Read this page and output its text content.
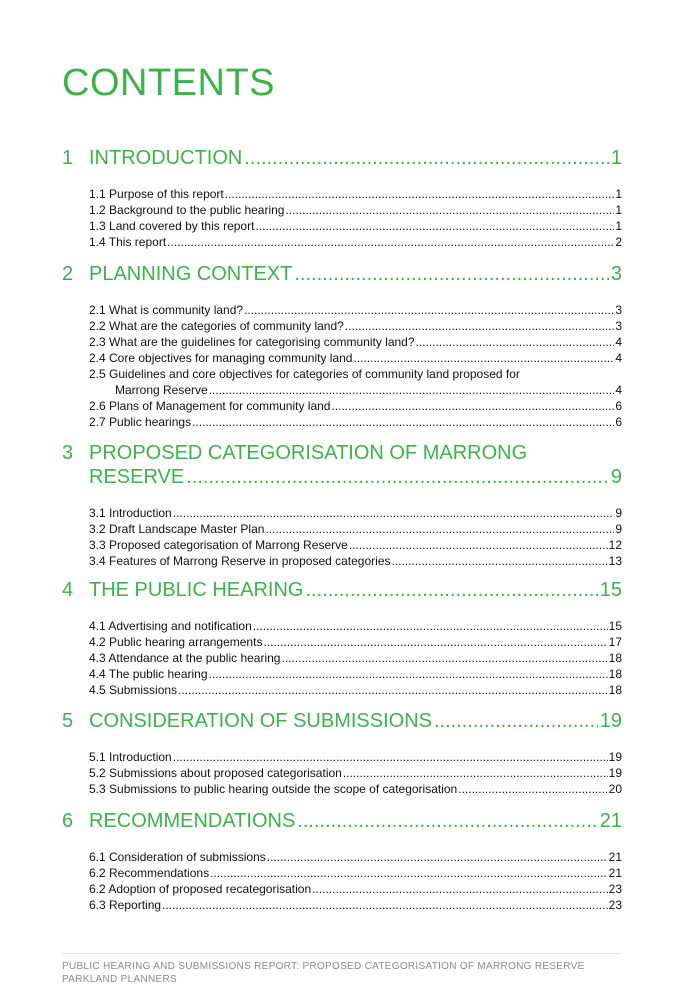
CONTENTS
1 INTRODUCTION .....	1
1.1 Purpose of this report .....	1
1.2 Background to the public hearing .....	1
1.3 Land covered by this report .....	1
1.4 This report .....	2
2 PLANNING CONTEXT .....	3
2.1 What is community land? .....	3
2.2 What are the categories of community land? .....	3
2.3 What are the guidelines for categorising community land? .....	4
2.4 Core objectives for managing community land .....	4
2.5 Guidelines and core objectives for categories of community land proposed for
Marrong Reserve .....	4
2.6 Plans of Management for community land .....	6
2.7 Public hearings .....	6
3 PROPOSED CATEGORISATION OF MARRONG
RESERVE .....	9
3.1 Introduction .....	9
3.2 Draft Landscape Master Plan .....	9
3.3 Proposed categorisation of Marrong Reserve .....	12
3.4 Features of Marrong Reserve in proposed categories .....	13
4 THE PUBLIC HEARING .....	15
4.1 Advertising and notification .....	15
4.2 Public hearing arrangements .....	17
4.3 Attendance at the public hearing .....	18
4.4 The public hearing .....	18
4.5 Submissions .....	18
5 CONSIDERATION OF SUBMISSIONS .....	19
5.1 Introduction .....	19
5.2 Submissions about proposed categorisation .....	19
5.3 Submissions to public hearing outside the scope of categorisation .....	20
6 RECOMMENDATIONS .....	21
6.1 Consideration of submissions .....	21
6.2 Recommendations .....	21
6.2 Adoption of proposed recategorisation .....	23
6.3 Reporting .....	23
PUBLIC HEARING AND SUBMISSIONS REPORT: PROPOSED CATEGORISATION OF MARRONG RESERVE
PARKLAND PLANNERS
